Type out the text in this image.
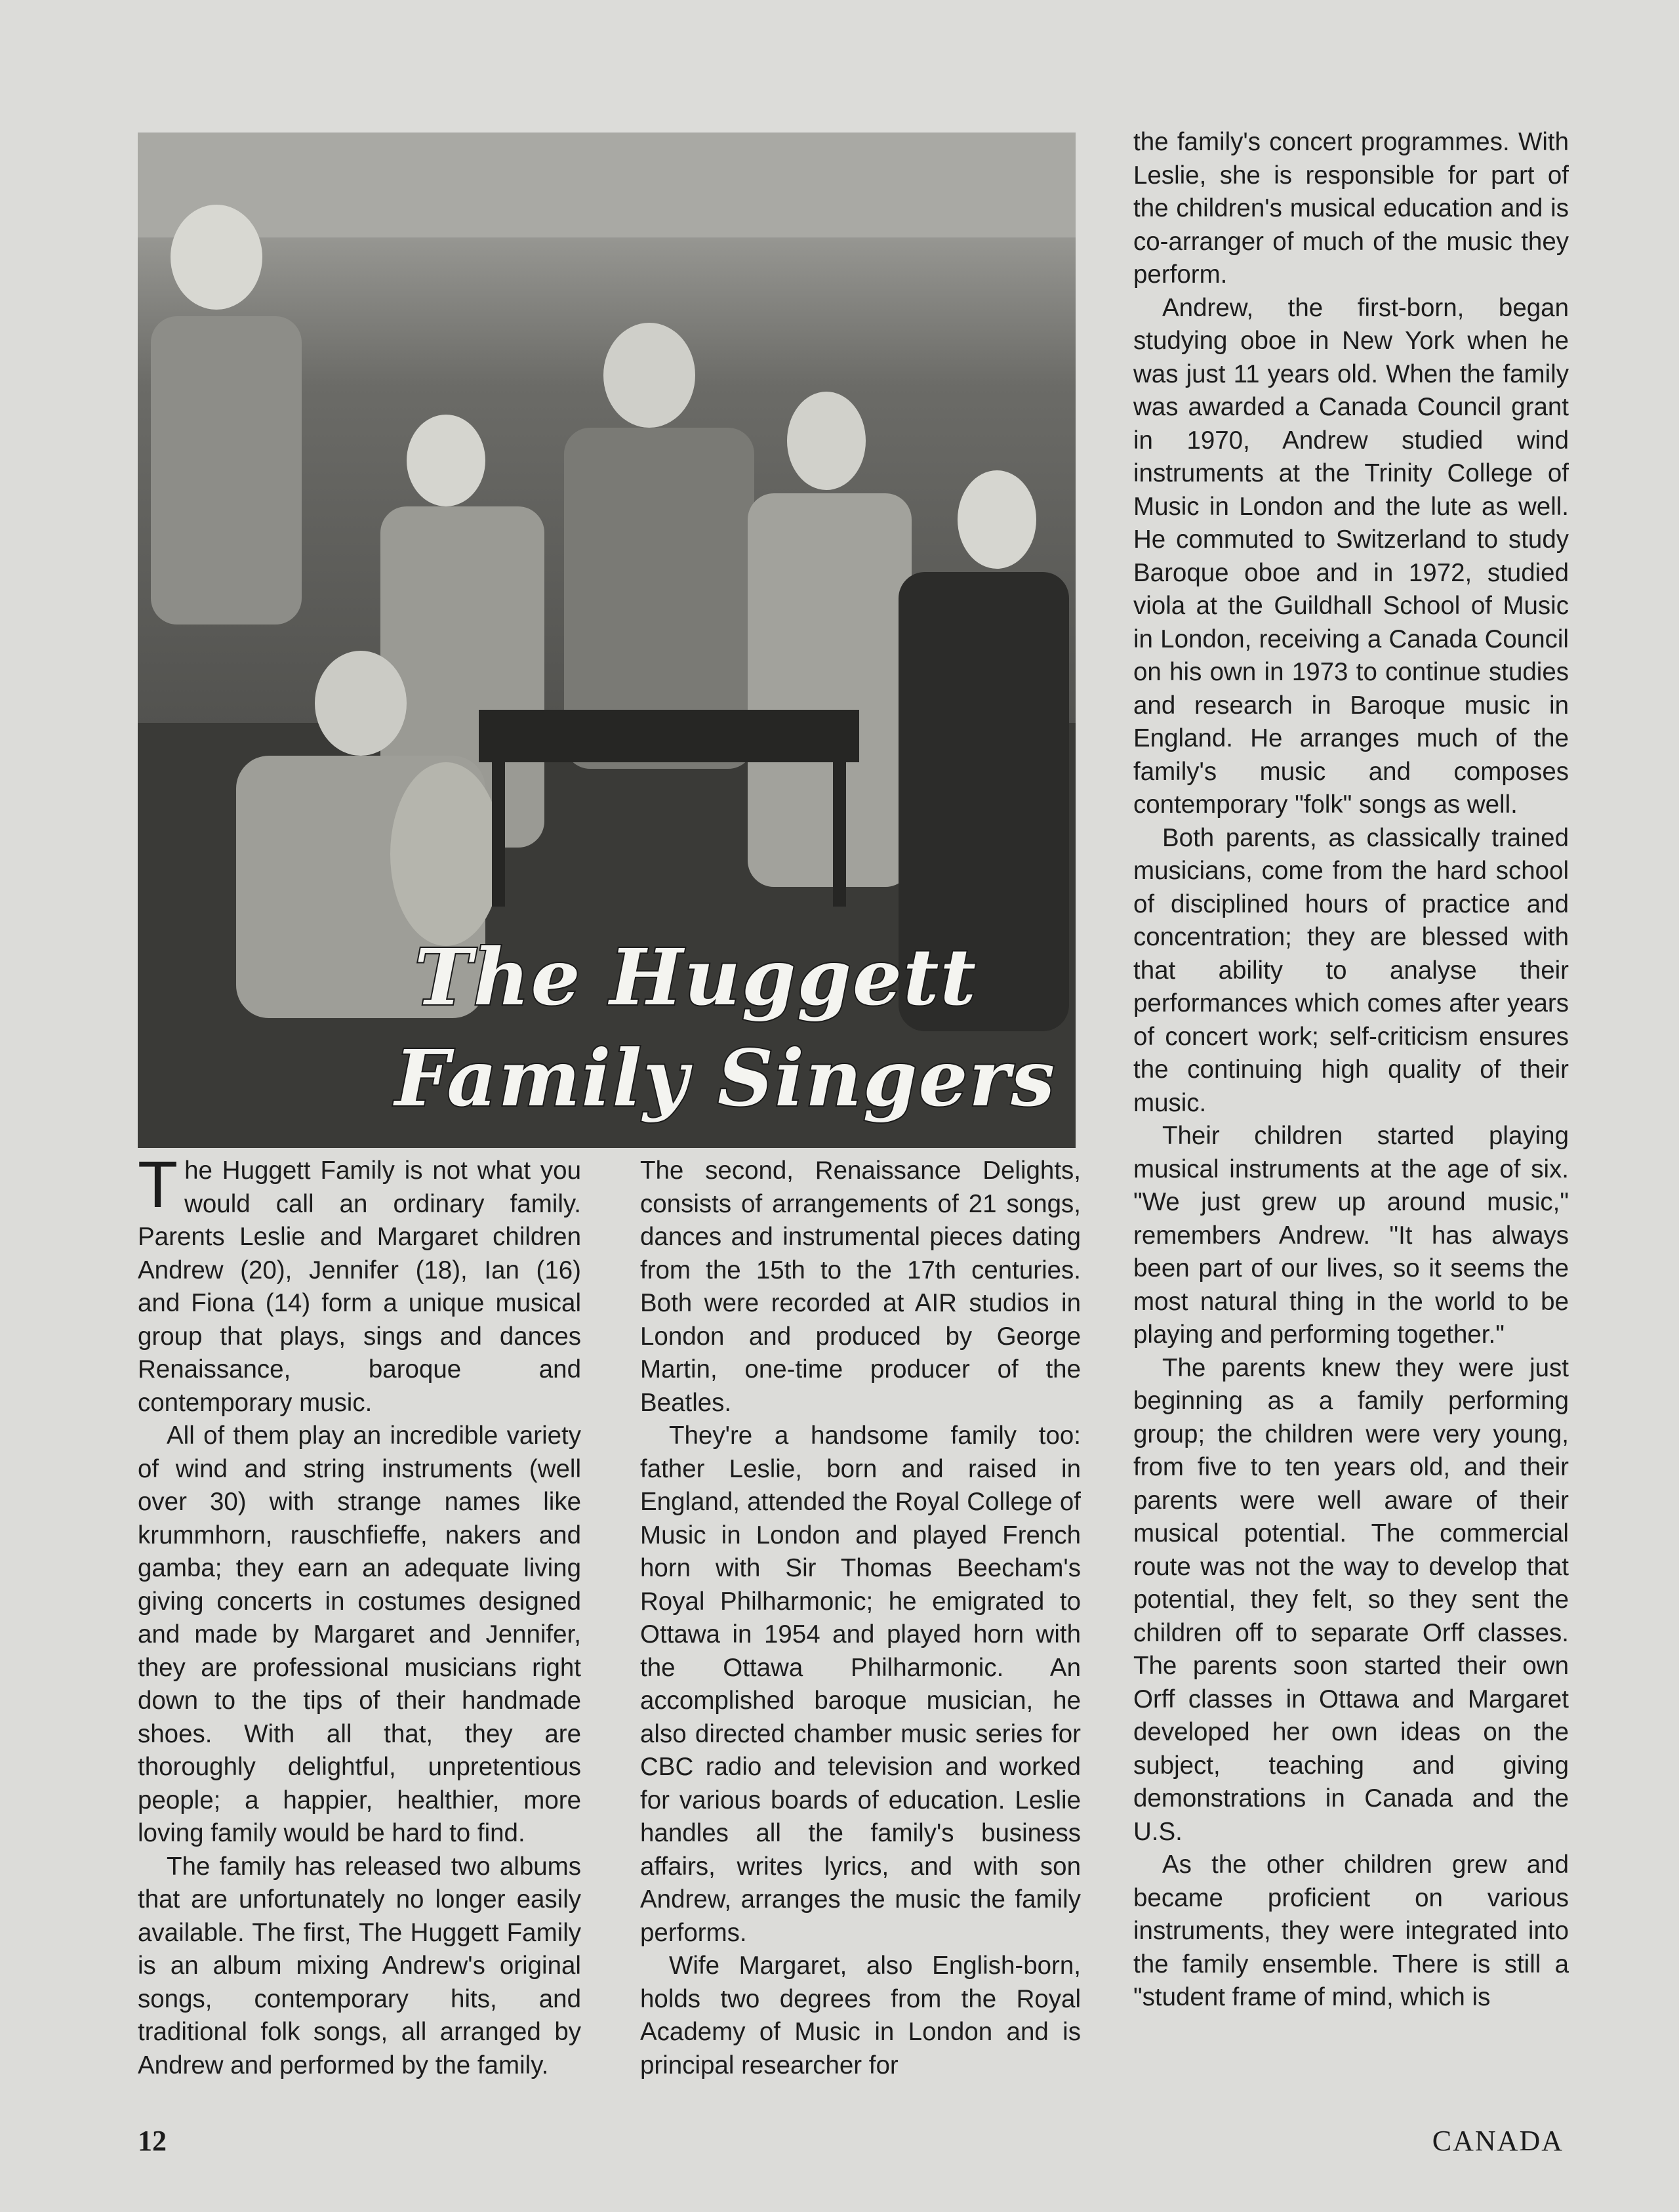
The Huggett
Family Singers

The Huggett Family is not what you would call an ordinary family. Parents Leslie and Margaret children Andrew (20), Jennifer (18), Ian (16) and Fiona (14) form a unique musical group that plays, sings and dances Renaissance, baroque and contemporary music.

All of them play an incredible variety of wind and string instruments (well over 30) with strange names like krummhorn, rauschfieffe, nakers and gamba; they earn an adequate living giving concerts in costumes designed and made by Margaret and Jennifer, they are professional musicians right down to the tips of their handmade shoes. With all that, they are thoroughly delightful, unpretentious people; a happier, healthier, more loving family would be hard to find.

The family has released two albums that are unfortunately no longer easily available. The first, The Huggett Family is an album mixing Andrew's original songs, contemporary hits, and traditional folk songs, all arranged by Andrew and performed by the family.

The second, Renaissance Delights, consists of arrangements of 21 songs, dances and instrumental pieces dating from the 15th to the 17th centuries. Both were recorded at AIR studios in London and produced by George Martin, one-time producer of the Beatles.

They're a handsome family too: father Leslie, born and raised in England, attended the Royal College of Music in London and played French horn with Sir Thomas Beecham's Royal Philharmonic; he emigrated to Ottawa in 1954 and played horn with the Ottawa Philharmonic. An accomplished baroque musician, he also directed chamber music series for CBC radio and television and worked for various boards of education. Leslie handles all the family's business affairs, writes lyrics, and with son Andrew, arranges the music the family performs.

Wife Margaret, also English-born, holds two degrees from the Royal Academy of Music in London and is principal researcher for

the family's concert programmes. With Leslie, she is responsible for part of the children's musical education and is co-arranger of much of the music they perform.

Andrew, the first-born, began studying oboe in New York when he was just 11 years old. When the family was awarded a Canada Council grant in 1970, Andrew studied wind instruments at the Trinity College of Music in London and the lute as well. He commuted to Switzerland to study Baroque oboe and in 1972, studied viola at the Guildhall School of Music in London, receiving a Canada Council on his own in 1973 to continue studies and research in Baroque music in England. He arranges much of the family's music and composes contemporary "folk" songs as well.

Both parents, as classically trained musicians, come from the hard school of disciplined hours of practice and concentration; they are blessed with that ability to analyse their performances which comes after years of concert work; self-criticism ensures the continuing high quality of their music.

Their children started playing musical instruments at the age of six. "We just grew up around music," remembers Andrew. "It has always been part of our lives, so it seems the most natural thing in the world to be playing and performing together."

The parents knew they were just beginning as a family performing group; the children were very young, from five to ten years old, and their parents were well aware of their musical potential. The commercial route was not the way to develop that potential, they felt, so they sent the children off to separate Orff classes. The parents soon started their own Orff classes in Ottawa and Margaret developed her own ideas on the subject, teaching and giving demonstrations in Canada and the U.S.

As the other children grew and became proficient on various instruments, they were integrated into the family ensemble. There is still a "student frame of mind, which is

12	CANADA
